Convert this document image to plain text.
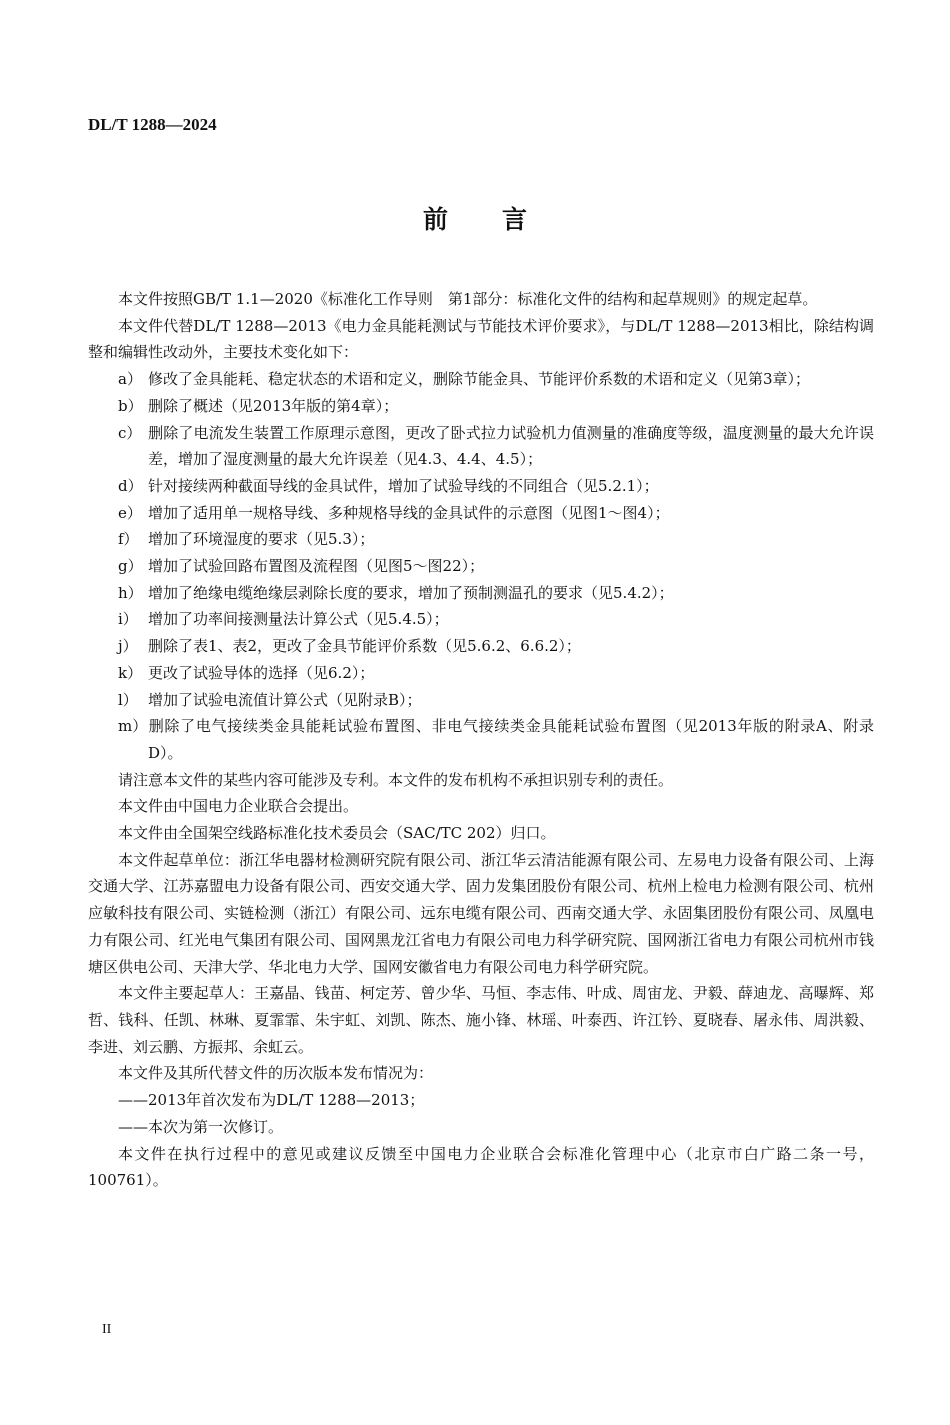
DL/T 1288—2024
前言

本文件按照GB/T 1.1—2020《标准化工作导则　第1部分：标准化文件的结构和起草规则》的规定起草。

本文件代替DL/T 1288—2013《电力金具能耗测试与节能技术评价要求》，与DL/T 1288—2013相比，除结构调整和编辑性改动外，主要技术变化如下：

a） 修改了金具能耗、稳定状态的术语和定义，删除节能金具、节能评价系数的术语和定义（见第3章）；

b） 删除了概述（见2013年版的第4章）；

c） 删除了电流发生装置工作原理示意图，更改了卧式拉力试验机力值测量的准确度等级，温度测量的最大允许误差，增加了湿度测量的最大允许误差（见4.3、4.4、4.5）；

d） 针对接续两种截面导线的金具试件，增加了试验导线的不同组合（见5.2.1）；

e） 增加了适用单一规格导线、多种规格导线的金具试件的示意图（见图1～图4）；

f） 增加了环境湿度的要求（见5.3）；

g） 增加了试验回路布置图及流程图（见图5～图22）；

h） 增加了绝缘电缆绝缘层剥除长度的要求，增加了预制测温孔的要求（见5.4.2）；

i） 增加了功率间接测量法计算公式（见5.4.5）；

j） 删除了表1、表2，更改了金具节能评价系数（见5.6.2、6.6.2）；

k） 更改了试验导体的选择（见6.2）；

l） 增加了试验电流值计算公式（见附录B）；

m）删除了电气接续类金具能耗试验布置图、非电气接续类金具能耗试验布置图（见2013年版的附录A、附录D）。

请注意本文件的某些内容可能涉及专利。本文件的发布机构不承担识别专利的责任。

本文件由中国电力企业联合会提出。

本文件由全国架空线路标准化技术委员会（SAC/TC 202）归口。

本文件起草单位：浙江华电器材检测研究院有限公司、浙江华云清洁能源有限公司、左易电力设备有限公司、上海交通大学、江苏嘉盟电力设备有限公司、西安交通大学、固力发集团股份有限公司、杭州上检电力检测有限公司、杭州应敏科技有限公司、实链检测（浙江）有限公司、远东电缆有限公司、西南交通大学、永固集团股份有限公司、凤凰电力有限公司、红光电气集团有限公司、国网黑龙江省电力有限公司电力科学研究院、国网浙江省电力有限公司杭州市钱塘区供电公司、天津大学、华北电力大学、国网安徽省电力有限公司电力科学研究院。

本文件主要起草人：王嘉晶、钱苗、柯定芳、曾少华、马恒、李志伟、叶成、周宙龙、尹毅、薛迪龙、高曝辉、郑哲、钱科、任凯、林琳、夏霏霏、朱宇虹、刘凯、陈杰、施小锋、林瑶、叶泰西、许江钤、夏晓春、屠永伟、周洪毅、李进、刘云鹏、方振邦、余虹云。

本文件及其所代替文件的历次版本发布情况为：

——2013年首次发布为DL/T 1288—2013；

——本次为第一次修订。

本文件在执行过程中的意见或建议反馈至中国电力企业联合会标准化管理中心（北京市白广路二条一号，100761）。

II
